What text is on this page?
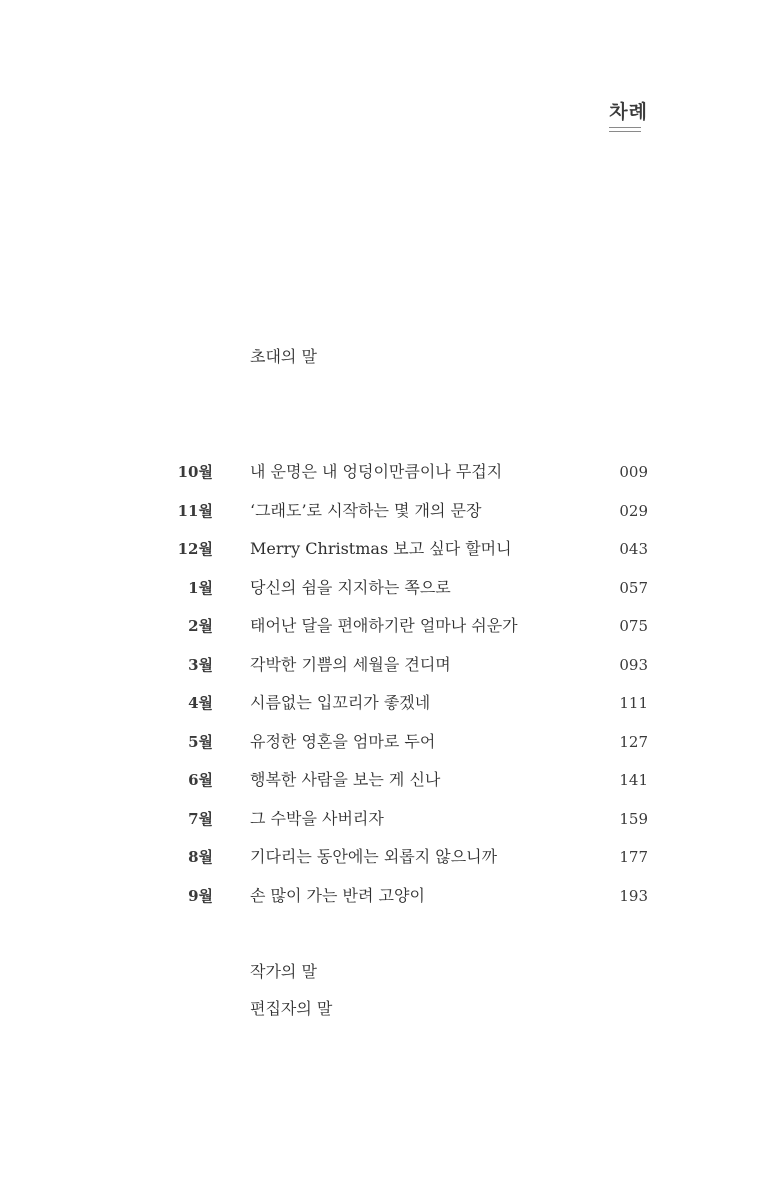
차례
초대의 말
10월 내 운명은 내 엉덩이만큼이나 무겁지	009
11월 ‘그래도’로 시작하는 몇 개의 문장	029
12월 Merry Christmas 보고 싶다 할머니	043
1월 당신의 쉼을 지지하는 쪽으로	057
2월 태어난 달을 편애하기란 얼마나 쉬운가	075
3월 각박한 기쁨의 세월을 견디며	093
4월 시름없는 입꼬리가 좋겠네	111
5월 유정한 영혼을 엄마로 두어	127
6월 행복한 사람을 보는 게 신나	141
7월 그 수박을 사버리자	159
8월 기다리는 동안에는 외롭지 않으니까	177
9월 손 많이 가는 반려 고양이	193
작가의 말
편집자의 말
